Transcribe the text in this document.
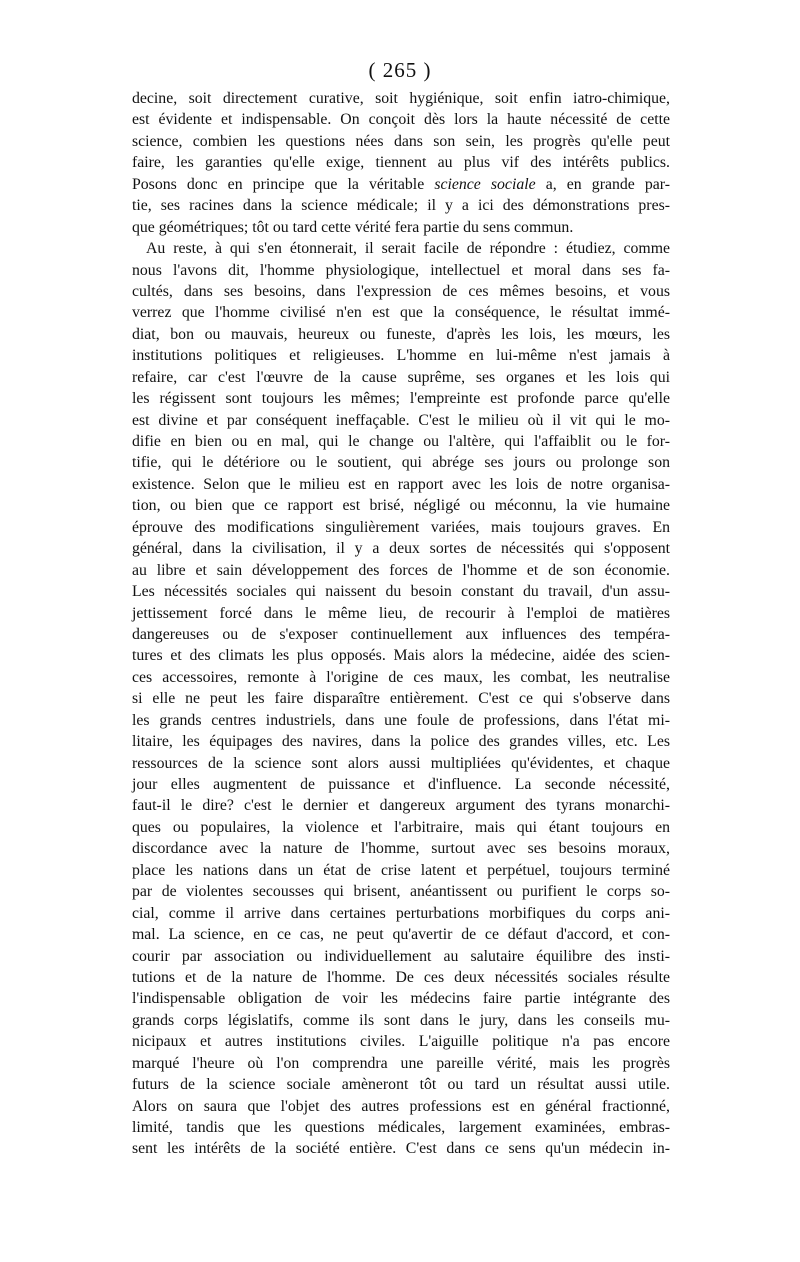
( 265 )
decine, soit directement curative, soit hygiénique, soit enfin iatro-chimique,
est évidente et indispensable. On conçoit dès lors la haute nécessité de cette
science, combien les questions nées dans son sein, les progrès qu'elle peut
faire, les garanties qu'elle exige, tiennent au plus vif des intérêts publics.
Posons donc en principe que la véritable science sociale a, en grande par-
tie, ses racines dans la science médicale; il y a ici des démonstrations pres-
que géométriques; tôt ou tard cette vérité fera partie du sens commun.
Au reste, à qui s'en étonnerait, il serait facile de répondre : étudiez, comme
nous l'avons dit, l'homme physiologique, intellectuel et moral dans ses fa-
cultés, dans ses besoins, dans l'expression de ces mêmes besoins, et vous
verrez que l'homme civilisé n'en est que la conséquence, le résultat immé-
diat, bon ou mauvais, heureux ou funeste, d'après les lois, les mœurs, les
institutions politiques et religieuses. L'homme en lui-même n'est jamais à
refaire, car c'est l'œuvre de la cause suprême, ses organes et les lois qui
les régissent sont toujours les mêmes; l'empreinte est profonde parce qu'elle
est divine et par conséquent ineffaçable. C'est le milieu où il vit qui le mo-
difie en bien ou en mal, qui le change ou l'altère, qui l'affaiblit ou le for-
tifie, qui le détériore ou le soutient, qui abrége ses jours ou prolonge son
existence. Selon que le milieu est en rapport avec les lois de notre organisa-
tion, ou bien que ce rapport est brisé, négligé ou méconnu, la vie humaine
éprouve des modifications singulièrement variées, mais toujours graves. En
général, dans la civilisation, il y a deux sortes de nécessités qui s'opposent
au libre et sain développement des forces de l'homme et de son économie.
Les nécessités sociales qui naissent du besoin constant du travail, d'un assu-
jettissement forcé dans le même lieu, de recourir à l'emploi de matières
dangereuses ou de s'exposer continuellement aux influences des tempéra-
tures et des climats les plus opposés. Mais alors la médecine, aidée des scien-
ces accessoires, remonte à l'origine de ces maux, les combat, les neutralise
si elle ne peut les faire disparaître entièrement. C'est ce qui s'observe dans
les grands centres industriels, dans une foule de professions, dans l'état mi-
litaire, les équipages des navires, dans la police des grandes villes, etc. Les
ressources de la science sont alors aussi multipliées qu'évidentes, et chaque
jour elles augmentent de puissance et d'influence. La seconde nécessité,
faut-il le dire? c'est le dernier et dangereux argument des tyrans monarchi-
ques ou populaires, la violence et l'arbitraire, mais qui étant toujours en
discordance avec la nature de l'homme, surtout avec ses besoins moraux,
place les nations dans un état de crise latent et perpétuel, toujours terminé
par de violentes secousses qui brisent, anéantissent ou purifient le corps so-
cial, comme il arrive dans certaines perturbations morbifiques du corps ani-
mal. La science, en ce cas, ne peut qu'avertir de ce défaut d'accord, et con-
courir par association ou individuellement au salutaire équilibre des insti-
tutions et de la nature de l'homme. De ces deux nécessités sociales résulte
l'indispensable obligation de voir les médecins faire partie intégrante des
grands corps législatifs, comme ils sont dans le jury, dans les conseils mu-
nicipaux et autres institutions civiles. L'aiguille politique n'a pas encore
marqué l'heure où l'on comprendra une pareille vérité, mais les progrès
futurs de la science sociale amèneront tôt ou tard un résultat aussi utile.
Alors on saura que l'objet des autres professions est en général fractionné,
limité, tandis que les questions médicales, largement examinées, embras-
sent les intérêts de la société entière. C'est dans ce sens qu'un médecin in-
